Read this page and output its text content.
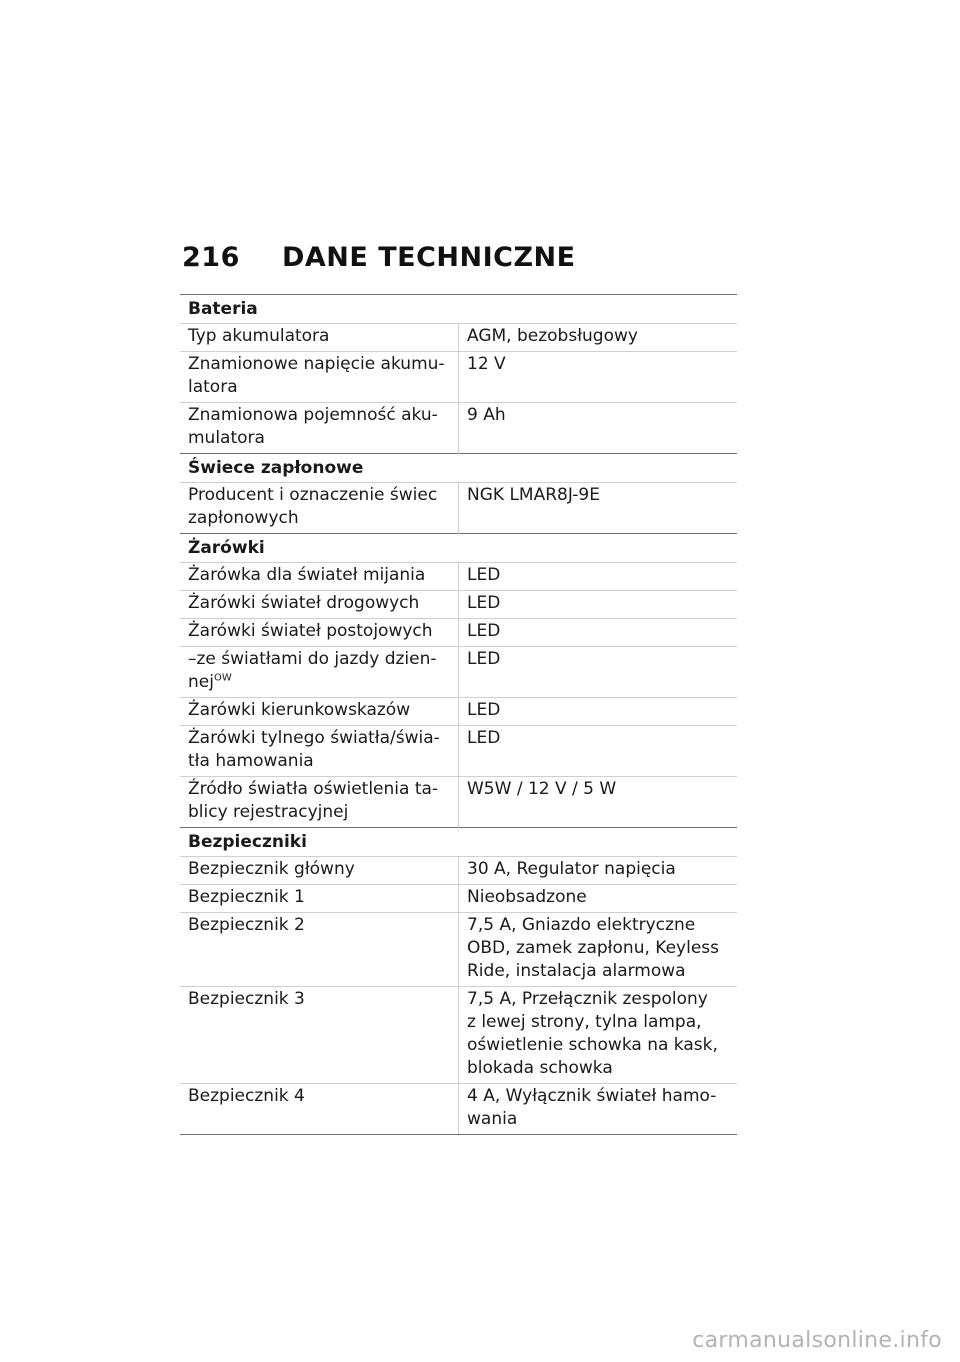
216	DANE TECHNICZNE
Bateria	
Typ akumulatora	AGM, bezobsługowy
Znamionowe napięcie akumu-
latora	12 V
Znamionowa pojemność aku-
mulatora	9 Ah
Świece zapłonowe	
Producent i oznaczenie świec
zapłonowych	NGK LMAR8J-9E
Żarówki	
Żarówka dla świateł mijania	LED
Żarówki świateł drogowych	LED
Żarówki świateł postojowych	LED
–ze światłami do jazdy dzien-
nej$^{OW}$	LED
Żarówki kierunkowskazów	LED
Żarówki tylnego światła/świa-
tła hamowania	LED
Źródło światła oświetlenia ta-
blicy rejestracyjnej	W5W / 12 V / 5 W
Bezpieczniki	
Bezpiecznik główny	30 A, Regulator napięcia
Bezpiecznik 1	Nieobsadzone
Bezpiecznik 2	7,5 A, Gniazdo elektryczne
OBD, zamek zapłonu, Keyless
Ride, instalacja alarmowa
Bezpiecznik 3	7,5 A, Przełącznik zespolony
z lewej strony, tylna lampa,
oświetlenie schowka na kask,
blokada schowka
Bezpiecznik 4	4 A, Wyłącznik świateł hamo-
wania
carmanualsonline.info
